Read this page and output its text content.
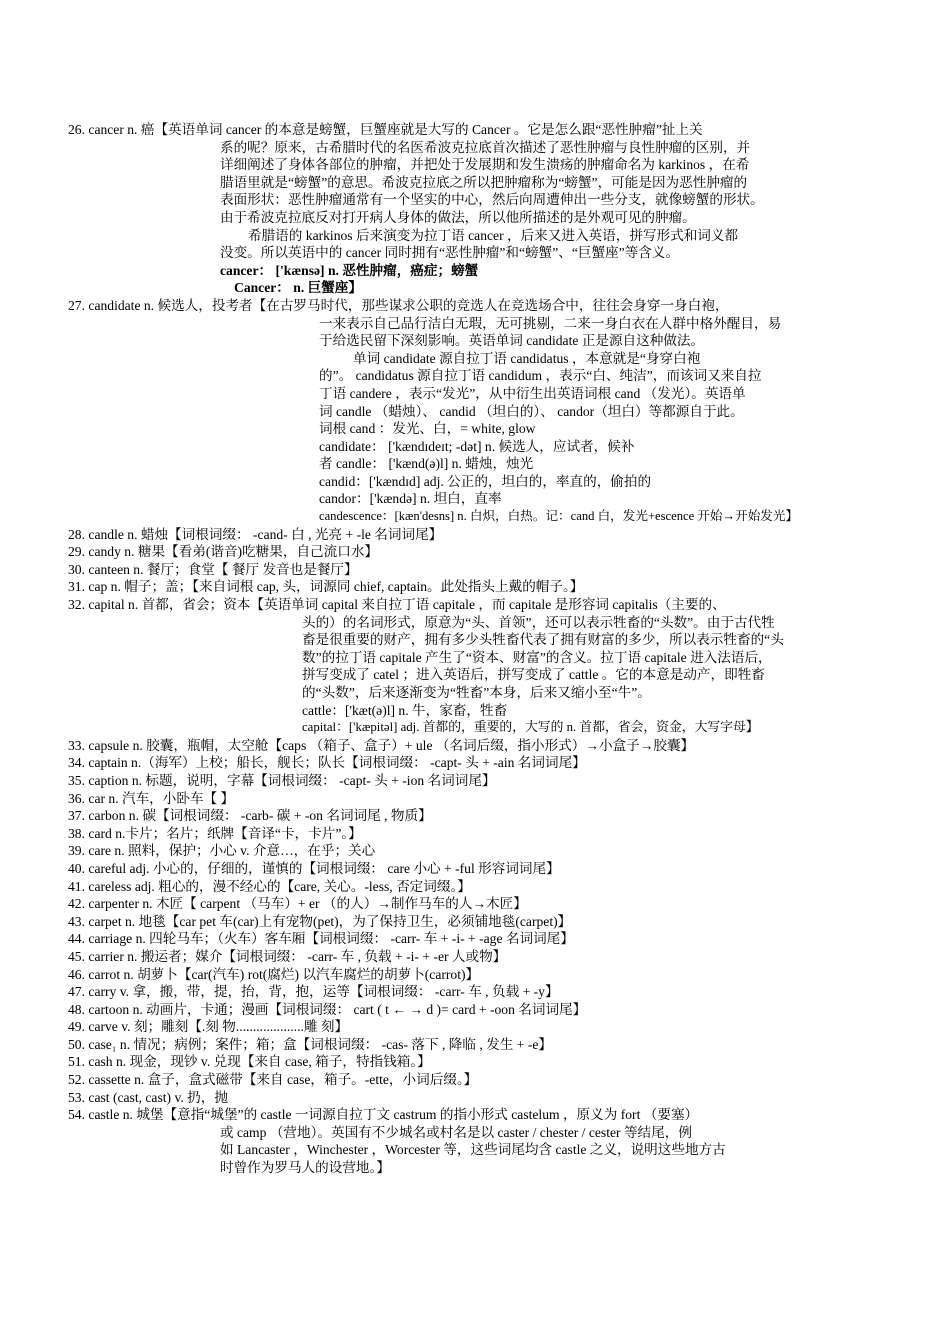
26. cancer n. 癌【英语单词 cancer 的本意是螃蟹，巨蟹座就是大写的 Cancer 。它是怎么跟“恶性肿瘤”扯上关

系的呢？原来，古希腊时代的名医希波克拉底首次描述了恶性肿瘤与良性肿瘤的区别，并

详细阐述了身体各部位的肿瘤，并把处于发展期和发生溃疡的肿瘤命名为 karkinos ，在希

腊语里就是“螃蟹”的意思。希波克拉底之所以把肿瘤称为“螃蟹”，可能是因为恶性肿瘤的

表面形状：恶性肿瘤通常有一个坚实的中心，然后向周遭伸出一些分支，就像螃蟹的形状。

由于希波克拉底反对打开病人身体的做法，所以他所描述的是外观可见的肿瘤。

希腊语的 karkinos 后来演变为拉丁语 cancer ，后来又进入英语，拼写形式和词义都

没变。所以英语中的 cancer 同时拥有“恶性肿瘤”和“螃蟹”、“巨蟹座”等含义。

cancer： ['kænsə] n. 恶性肿瘤，癌症；螃蟹

Cancer： n. 巨蟹座】

27. candidate n. 候选人，投考者【在古罗马时代，那些谋求公职的竞选人在竞选场合中，往往会身穿一身白袍，

一来表示自己品行洁白无瑕，无可挑剔，二来一身白衣在人群中格外醒目，易

于给选民留下深刻影响。英语单词 candidate 正是源自这种做法。

单词 candidate 源自拉丁语 candidatus ，本意就是“身穿白袍

的”。 candidatus 源自拉丁语 candidum ，表示“白、纯洁”，而该词又来自拉

丁语 candere ，表示“发光”，从中衍生出英语词根 cand （发光）。英语单

词 candle （蜡烛）、 candid （坦白的）、 candor（坦白）等都源自于此。

词根 cand ：发光、白，= white, glow

candidate： ['kændɪdeɪt; -dət] n. 候选人，应试者，候补

者 candle： ['kænd(ə)l] n. 蜡烛，烛光

candid：['kændɪd] adj. 公正的，坦白的，率直的，偷拍的

candor：['kændə] n. 坦白，直率

candescence：[kæn'desns] n. 白炽，白热。记：cand 白，发光+escence 开始→开始发光】

28. candle n. 蜡烛【词根词缀： -cand- 白 , 光亮 + -le 名词词尾】

29. candy n. 糖果【看弟(谐音)吃糖果，自己流口水】

30. canteen n. 餐厅；食堂【 餐厅 发音也是餐厅】

31. cap n. 帽子；盖；【来自词根 cap, 头，词源同 chief, captain。此处指头上戴的帽子。】

32. capital n. 首都，省会；资本【英语单词 capital 来自拉丁语 capitale ，而 capitale 是形容词 capitalis（主要的、

头的）的名词形式，原意为“头、首领”，还可以表示牲畜的“头数”。由于古代牲

畜是很重要的财产，拥有多少头牲畜代表了拥有财富的多少，所以表示牲畜的“头

数”的拉丁语 capitale 产生了“资本、财富”的含义。拉丁语 capitale 进入法语后，

拼写变成了 catel ；进入英语后，拼写变成了 cattle 。它的本意是动产，即牲畜

的“头数”，后来逐渐变为“牲畜”本身，后来又缩小至“牛”。

cattle：['kæt(ə)l] n. 牛，家畜，牲畜

capital：['kæpitəl] adj. 首都的，重要的，大写的 n. 首都，省会，资金，大写字母】

33. capsule n. 胶囊，瓶帽，太空舱【caps （箱子、盒子）+ ule （名词后缀，指小形式）→小盒子→胶囊】

34. captain n.（海军）上校；船长，舰长；队长【词根词缀： -capt- 头 + -ain 名词词尾】

35. caption n. 标题，说明，字幕【词根词缀： -capt- 头 + -ion 名词词尾】

36. car n. 汽车，小卧车【 】

37. carbon n. 碳【词根词缀： -carb- 碳 + -on 名词词尾 , 物质】

38. card n.卡片；名片；纸牌【音译“卡，卡片”。】

39. care n. 照料，保护；小心 v. 介意…，在乎；关心

40. careful adj. 小心的，仔细的，谨慎的【词根词缀： care 小心 + -ful 形容词词尾】

41. careless adj. 粗心的，漫不经心的【care, 关心。-less, 否定词缀。】

42. carpenter n. 木匠【 carpent （马车）+ er （的人）→制作马车的人→木匠】

43. carpet n. 地毯【car pet 车(car)上有宠物(pet)，为了保持卫生，必须铺地毯(carpet)】

44. carriage n. 四轮马车；（火车）客车厢【词根词缀： -carr- 车 + -i- + -age 名词词尾】

45. carrier n. 搬运者；媒介【词根词缀： -carr- 车 , 负载 + -i- + -er 人或物】

46. carrot n. 胡萝卜【car(汽车) rot(腐烂) 以汽车腐烂的胡萝卜(carrot)】

47. carry v. 拿，搬，带，提，抬，背，抱，运等【词根词缀： -carr- 车 , 负载 + -y】

48. cartoon n. 动画片，卡通；漫画【词根词缀： cart ( t ← → d )= card + -oon 名词词尾】

49. carve v. 刻；雕刻【.刻 物....................雕 刻】

50. case₁ n. 情况；病例；案件；箱；盒【词根词缀： -cas- 落下 , 降临 , 发生 + -e】

51. cash n. 现金，现钞 v. 兑现【来自 case, 箱子，特指钱箱。】

52. cassette n. 盒子，盒式磁带【来自 case，箱子。-ette，小词后缀。】

53. cast (cast, cast) v. 扔，抛

54. castle n. 城堡【意指“城堡”的 castle 一词源自拉丁文 castrum 的指小形式 castelum ，原义为 fort （要塞）

或 camp （营地）。英国有不少城名或村名是以 caster / chester / cester 等结尾，例

如 Lancaster ，Winchester ，Worcester 等，这些词尾均含 castle 之义，说明这些地方古

时曾作为罗马人的设营地。】
